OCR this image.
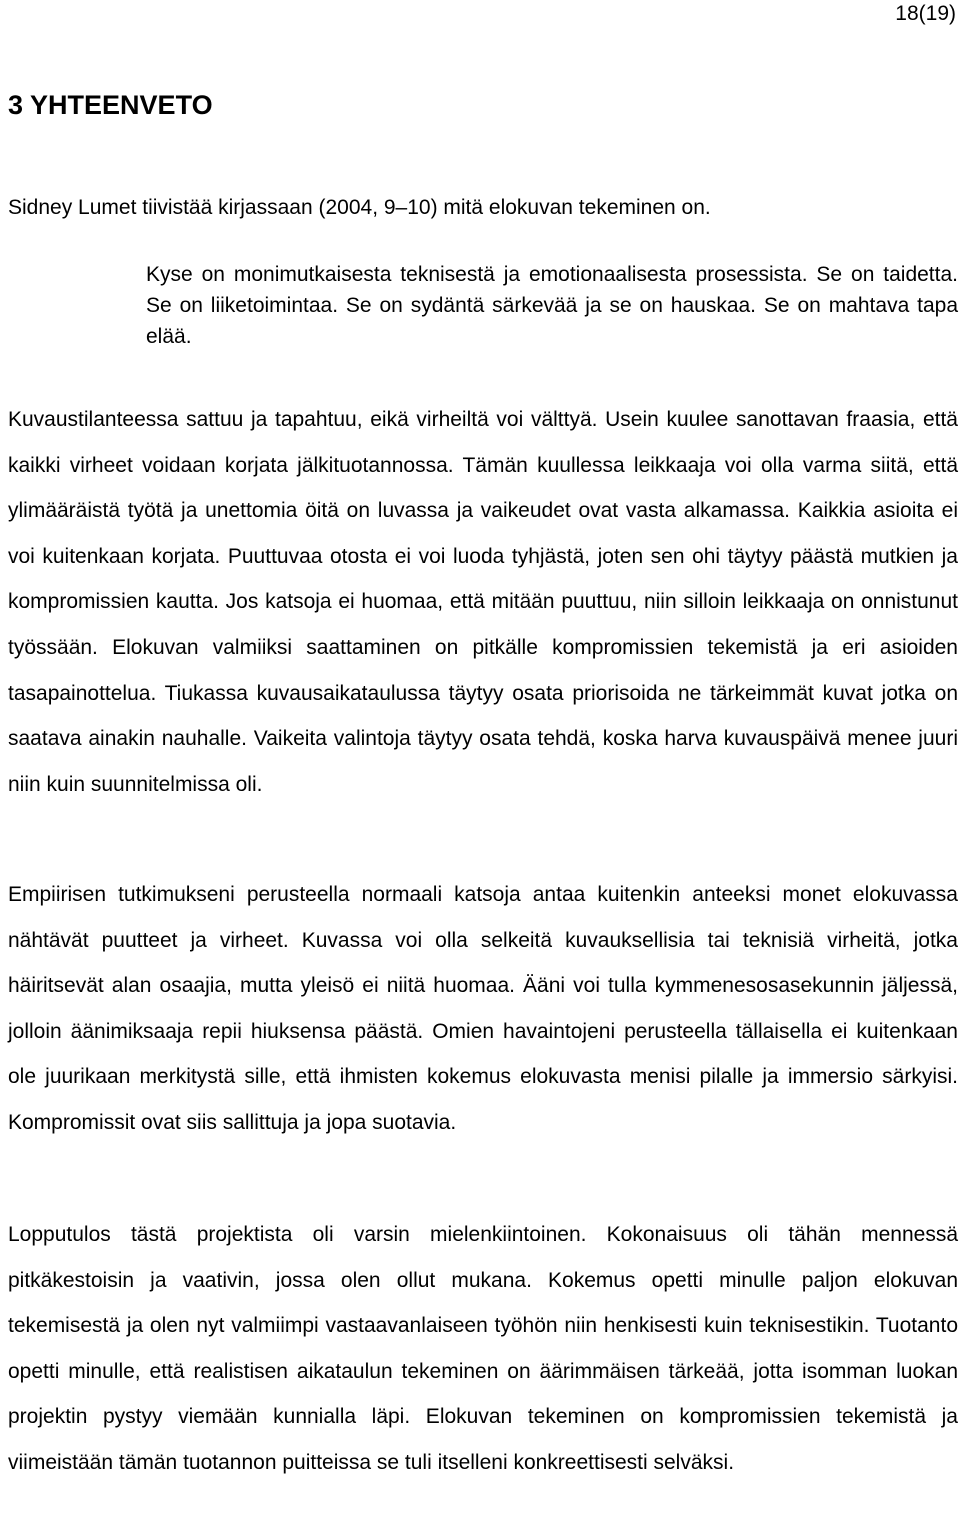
18(19)
3 YHTEENVETO

Sidney Lumet tiivistää kirjassaan (2004, 9–10) mitä elokuvan tekeminen on.

Kyse on monimutkaisesta teknisestä ja emotionaalisesta prosessista. Se on taidetta. Se on liiketoimintaa. Se on sydäntä särkevää ja se on hauskaa. Se on mahtava tapa elää.

Kuvaustilanteessa sattuu ja tapahtuu, eikä virheiltä voi välttyä. Usein kuulee sanottavan fraasia, että kaikki virheet voidaan korjata jälkituotannossa. Tämän kuullessa leikkaaja voi olla varma siitä, että ylimääräistä työtä ja unettomia öitä on luvassa ja vaikeudet ovat vasta alkamassa. Kaikkia asioita ei voi kuitenkaan korjata. Puuttuvaa otosta ei voi luoda tyhjästä, joten sen ohi täytyy päästä mutkien ja kompromissien kautta. Jos katsoja ei huomaa, että mitään puuttuu, niin silloin leikkaaja on onnistunut työssään. Elokuvan valmiiksi saattaminen on pitkälle kompromissien tekemistä ja eri asioiden tasapainottelua. Tiukassa kuvausaikataulussa täytyy osata priorisoida ne tärkeimmät kuvat jotka on saatava ainakin nauhalle. Vaikeita valintoja täytyy osata tehdä, koska harva kuvauspäivä menee juuri niin kuin suunnitelmissa oli.

Empiirisen tutkimukseni perusteella normaali katsoja antaa kuitenkin anteeksi monet elokuvassa nähtävät puutteet ja virheet. Kuvassa voi olla selkeitä kuvauksellisia tai teknisiä virheitä, jotka häiritsevät alan osaajia, mutta yleisö ei niitä huomaa. Ääni voi tulla kymmenesosasekunnin jäljessä, jolloin äänimiksaaja repii hiuksensa päästä. Omien havaintojeni perusteella tällaisella ei kuitenkaan ole juurikaan merkitystä sille, että ihmisten kokemus elokuvasta menisi pilalle ja immersio särkyisi. Kompromissit ovat siis sallittuja ja jopa suotavia.

Lopputulos tästä projektista oli varsin mielenkiintoinen. Kokonaisuus oli tähän mennessä pitkäkestoisin ja vaativin, jossa olen ollut mukana. Kokemus opetti minulle paljon elokuvan tekemisestä ja olen nyt valmiimpi vastaavanlaiseen työhön niin henkisesti kuin teknisestikin. Tuotanto opetti minulle, että realistisen aikataulun tekeminen on äärimmäisen tärkeää, jotta isomman luokan projektin pystyy viemään kunnialla läpi. Elokuvan tekeminen on kompromissien tekemistä ja viimeistään tämän tuotannon puitteissa se tuli itselleni konkreettisesti selväksi.
